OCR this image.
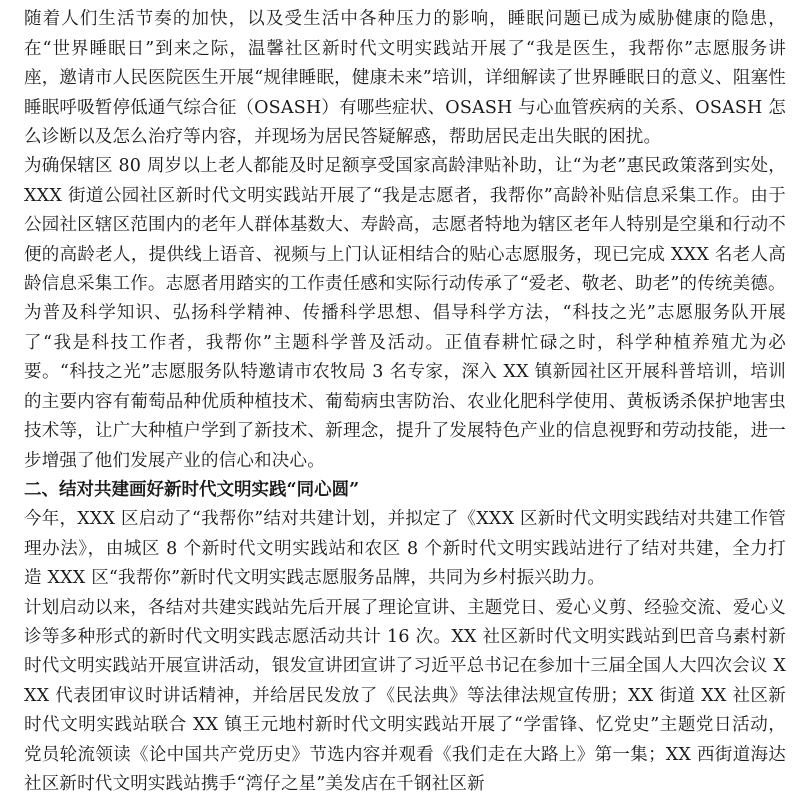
随着人们生活节奏的加快，以及受生活中各种压力的影响，睡眠问题已成为威胁健康的隐患，在“世界睡眠日”到来之际，温馨社区新时代文明实践站开展了“我是医生，我帮你”志愿服务讲座，邀请市人民医院医生开展“规律睡眠，健康未来”培训，详细解读了世界睡眠日的意义、阻塞性睡眠呼吸暂停低通气综合征（OSASH）有哪些症状、OSASH 与心血管疾病的关系、OSASH 怎么诊断以及怎么治疗等内容，并现场为居民答疑解惑，帮助居民走出失眠的困扰。

为确保辖区 80 周岁以上老人都能及时足额享受国家高龄津贴补助，让“为老”惠民政策落到实处，XXX 街道公园社区新时代文明实践站开展了“我是志愿者，我帮你”高龄补贴信息采集工作。由于公园社区辖区范围内的老年人群体基数大、寿龄高，志愿者特地为辖区老年人特别是空巢和行动不便的高龄老人，提供线上语音、视频与上门认证相结合的贴心志愿服务，现已完成 XXX 名老人高龄信息采集工作。志愿者用踏实的工作责任感和实际行动传承了“爱老、敬老、助老”的传统美德。

为普及科学知识、弘扬科学精神、传播科学思想、倡导科学方法，“科技之光”志愿服务队开展了“我是科技工作者，我帮你”主题科学普及活动。正值春耕忙碌之时，科学种植养殖尤为必要。“科技之光”志愿服务队特邀请市农牧局 3 名专家，深入 XX 镇新园社区开展科普培训，培训的主要内容有葡萄品种优质种植技术、葡萄病虫害防治、农业化肥科学使用、黄板诱杀保护地害虫技术等，让广大种植户学到了新技术、新理念，提升了发展特色产业的信息视野和劳动技能，进一步增强了他们发展产业的信心和决心。

二、结对共建画好新时代文明实践“同心圆”

今年，XXX 区启动了“我帮你”结对共建计划，并拟定了《XXX 区新时代文明实践结对共建工作管理办法》，由城区 8 个新时代文明实践站和农区 8 个新时代文明实践站进行了结对共建，全力打造 XXX 区“我帮你”新时代文明实践志愿服务品牌，共同为乡村振兴助力。

计划启动以来，各结对共建实践站先后开展了理论宣讲、主题党日、爱心义剪、经验交流、爱心义诊等多种形式的新时代文明实践志愿活动共计 16 次。XX 社区新时代文明实践站到巴音乌素村新时代文明实践站开展宣讲活动，银发宣讲团宣讲了习近平总书记在参加十三届全国人大四次会议 XXX 代表团审议时讲话精神，并给居民发放了《民法典》等法律法规宣传册；XX 街道 XX 社区新时代文明实践站联合 XX 镇王元地村新时代文明实践站开展了“学雷锋、忆党史”主题党日活动，党员轮流领读《论中国共产党历史》节选内容并观看《我们走在大路上》第一集；XX 西街道海达社区新时代文明实践站携手“湾仔之星”美发店在千钢社区新
